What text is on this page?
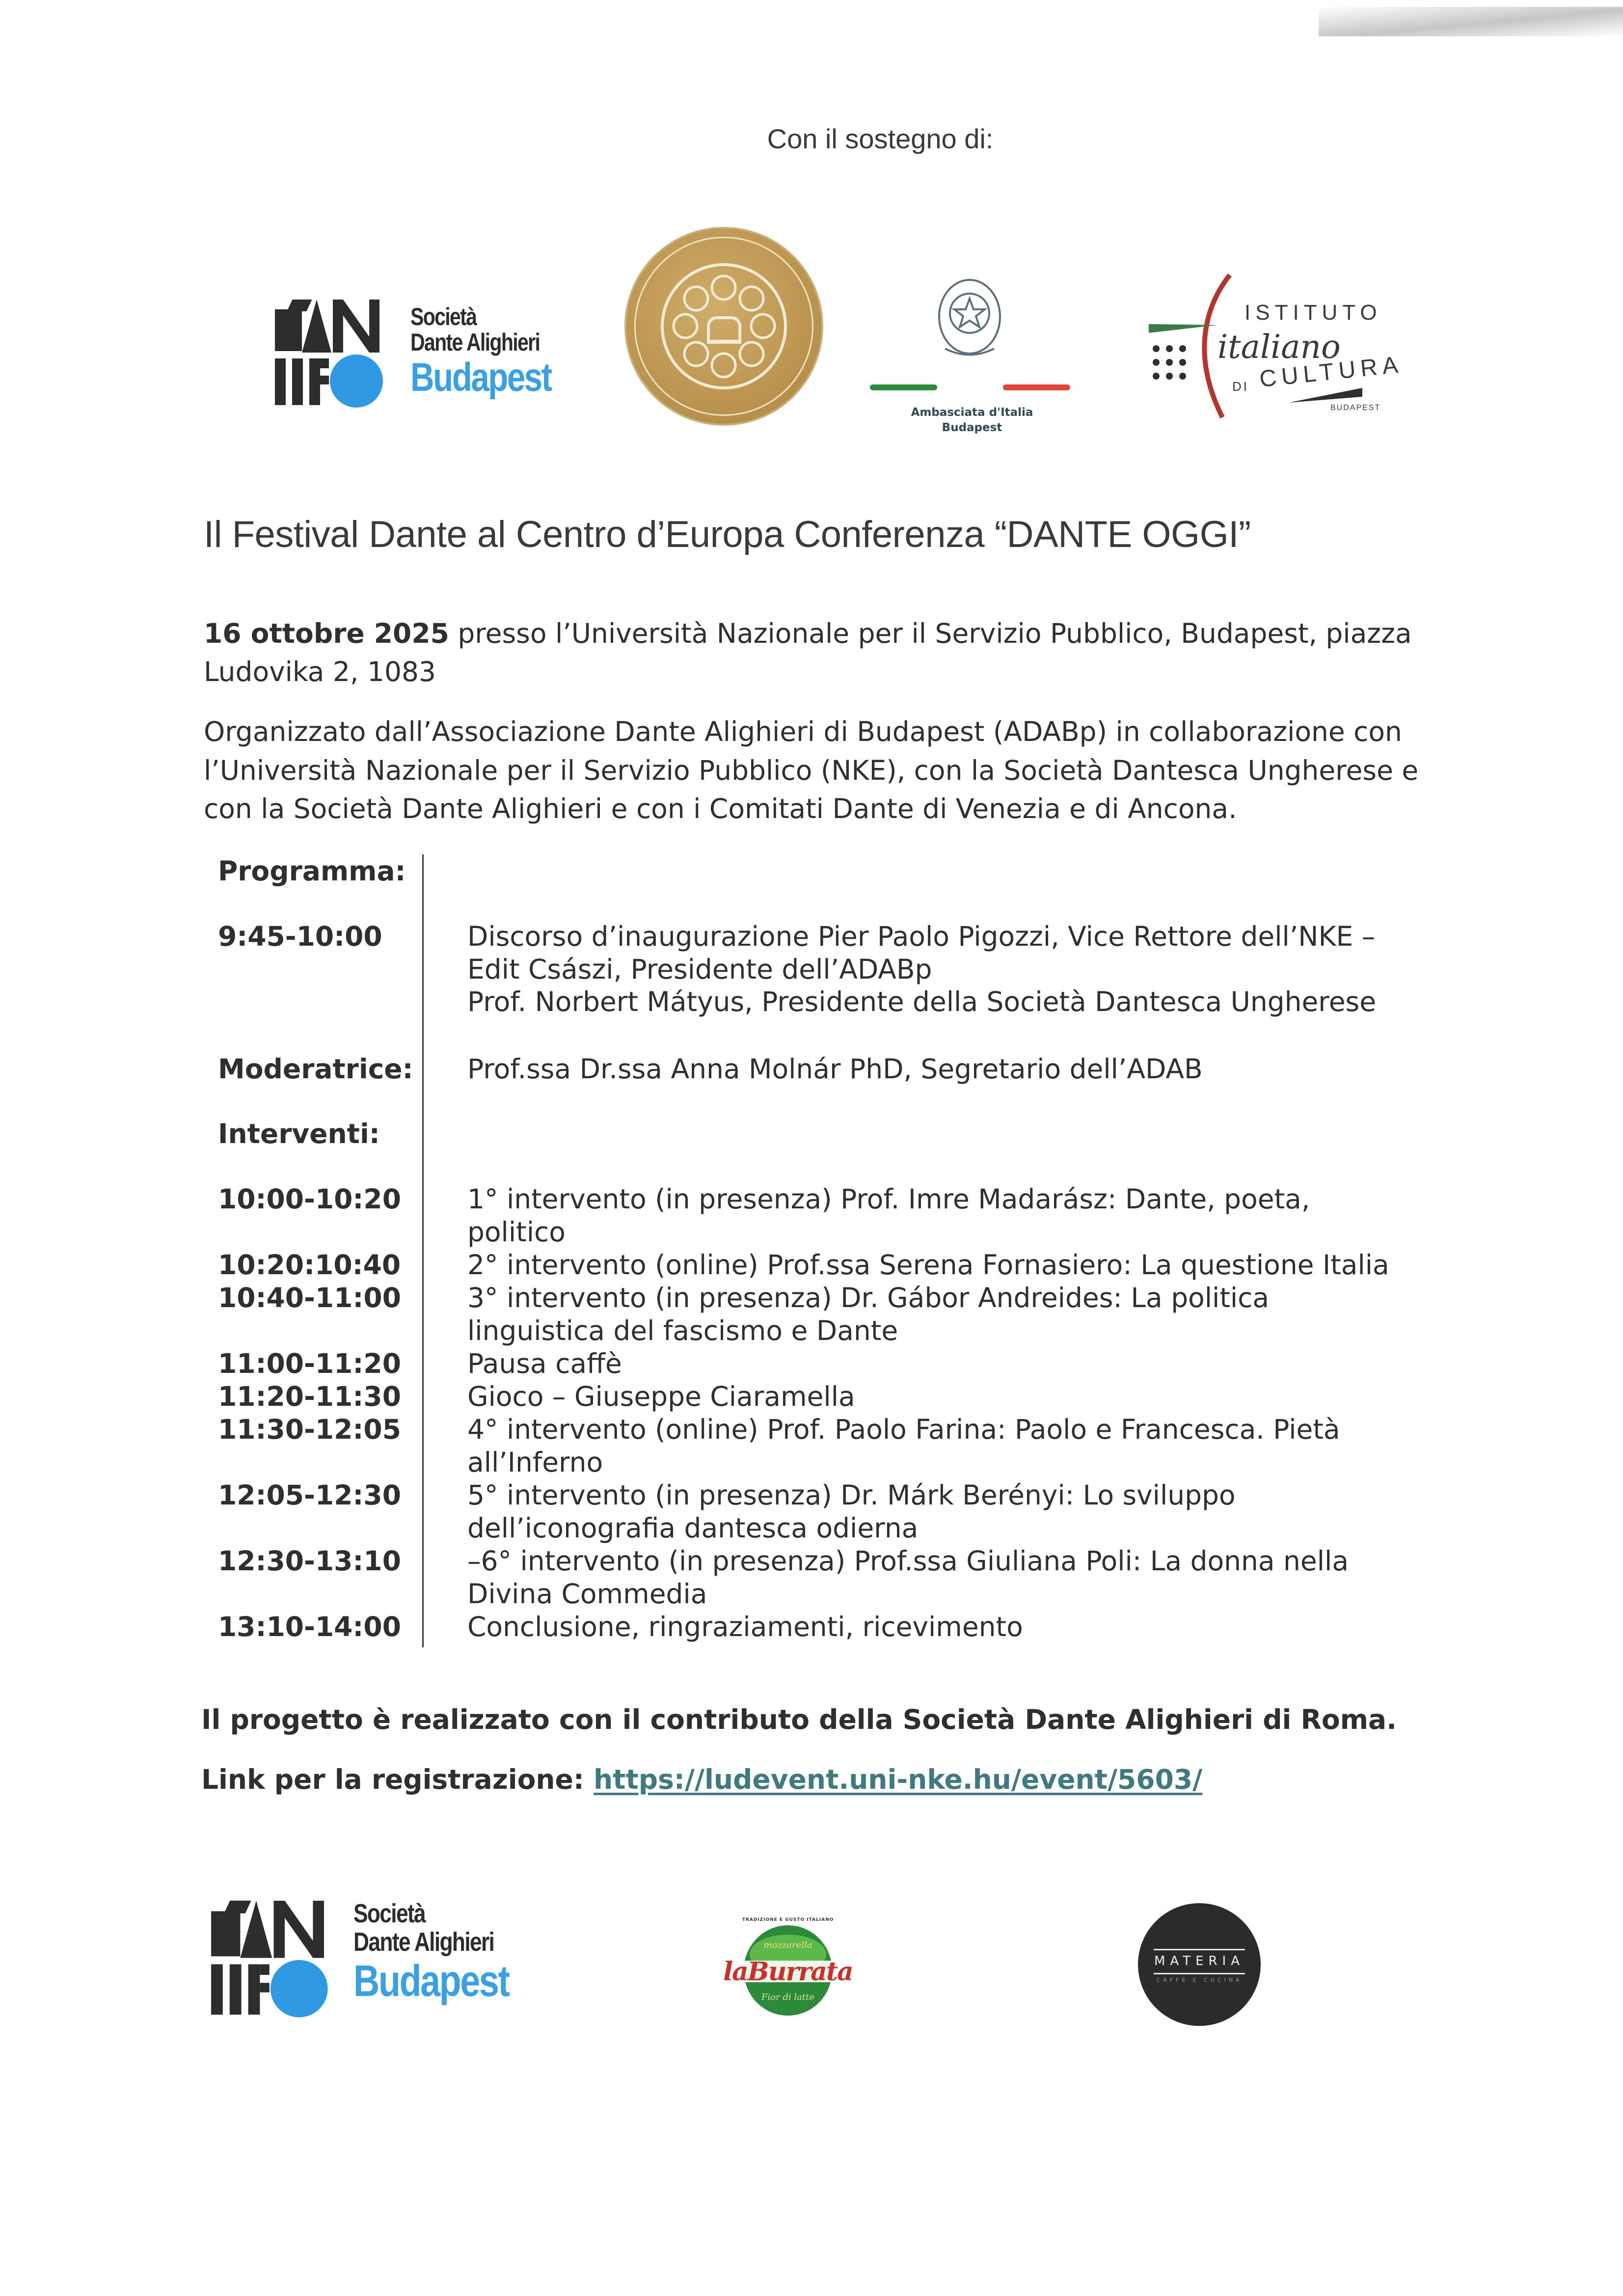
Con il sostegno di:
Società
Dante Alighieri
Budapest
Ambasciata d'Italia
Budapest
ISTITUTO
italiano
DI CULTURA
BUDAPEST
Il Festival Dante al Centro d’Europa Conferenza “DANTE OGGI”
16 ottobre 2025 presso l’Università Nazionale per il Servizio Pubblico, Budapest, piazza
Ludovika 2, 1083
Organizzato dall’Associazione Dante Alighieri di Budapest (ADABp) in collaborazione con
l’Università Nazionale per il Servizio Pubblico (NKE), con la Società Dantesca Ungherese e
con la Società Dante Alighieri e con i Comitati Dante di Venezia e di Ancona.
Programma:
9:45-10:00	Discorso d’inaugurazione Pier Paolo Pigozzi, Vice Rettore dell’NKE –
Edit Császi, Presidente dell’ADABp
Prof. Norbert Mátyus, Presidente della Società Dantesca Ungherese
Moderatrice: Prof.ssa Dr.ssa Anna Molnár PhD, Segretario dell’ADAB
Interventi:
10:00-10:20 1° intervento (in presenza) Prof. Imre Madarász: Dante, poeta,
politico
10:20:10:40 2° intervento (online) Prof.ssa Serena Fornasiero: La questione Italia
10:40-11:00 3° intervento (in presenza) Dr. Gábor Andreides: La politica
linguistica del fascismo e Dante
11:00-11:20 Pausa caffè
11:20-11:30 Gioco – Giuseppe Ciaramella
11:30-12:05 4° intervento (online) Prof. Paolo Farina: Paolo e Francesca. Pietà
all’Inferno
12:05-12:30 5° intervento (in presenza) Dr. Márk Berényi: Lo sviluppo
dell’iconografia dantesca odierna
12:30-13:10 –6° intervento (in presenza) Prof.ssa Giuliana Poli: La donna nella
Divina Commedia
13:10-14:00 Conclusione, ringraziamenti, ricevimento
Il progetto è realizzato con il contributo della Società Dante Alighieri di Roma.
Link per la registrazione: https://ludevent.uni-nke.hu/event/5603/
Società
Dante Alighieri
Budapest
TRADIZIONE E GUSTO ITALIANO
mozzarella
laBurrata
Fior di latte
MATERIA
CAFFÈ E CUCINA
